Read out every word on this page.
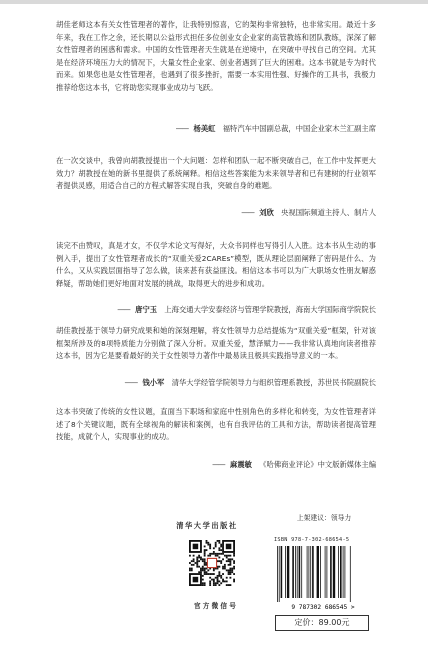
胡佳老师这本有关女性管理者的著作，让我特别惊喜，它的架构非常独特，也非常实用。最近十多年来，我在工作之余，还长期以公益形式担任多位创业女企业家的高管教练和团队教练，深深了解女性管理者的困惑和需求。中国的女性管理者天生就是在逆境中，在突破中寻找自己的空间。尤其是在经济环境压力大的情况下，大量女性企业家、创业者遇到了巨大的困难。这本书就是专为时代而来。如果您也是女性管理者，也遇到了很多挫折，需要一本实用性强、好操作的工具书，我极力推荐给您这本书，它将助您实现事业成功与飞跃。
—— 杨美虹 福特汽车中国副总裁，中国企业家木兰汇副主席
在一次交谈中，我曾向胡教授提出一个大问题：怎样和团队一起不断突破自己，在工作中发挥更大效力？胡教授在她的新书里提供了系统阐释。相信这些答案能为未来领导者和已有建树的行业领军者提供灵感，用适合自己的方程式解答实现自我，突破自身的难题。
—— 刘欣 央视国际频道主持人、制片人
读完不由赞叹，真是才女，不仅学术论文写得好，大众书同样也写得引人入胜。这本书从生动的事例入手，提出了女性管理者成长的“双重关爱2CAREs”模型，既从理论层面阐释了密码是什么、为什么，又从实践层面指导了怎么做，读来甚有获益匪浅。相信这本书可以为广大职场女性朋友解惑释疑，帮助她们更好地面对发展的挑战，取得更大的进步和成功。
—— 唐宁玉 上海交通大学安泰经济与管理学院教授，海南大学国际商学院院长
胡佳教授基于领导力研究成果和她的深刻理解，将女性领导力总结提炼为“双重关爱”框架，针对该框架所涉及的8项特质能力分别做了深入分析。双重关爱，慧泽赋力——我非常认真地向读者推荐这本书，因为它是要看最好的关于女性领导力著作中最易读且极具实践指导意义的一本。
—— 钱小军 清华大学经管学院领导力与组织管理系教授，苏世民书院副院长
这本书突破了传统的女性议题，直面当下职场和家庭中性别角色的多样化和转变，为女性管理者详述了8个关键议题，既有全球视角的解读和案例，也有自我评估的工具和方法，帮助读者提高管理技能，成就个人，实现事业的成功。
—— 麻震敏 《哈佛商业评论》中文版新媒体主编
清华大学出版社
官方微信号
上架建议：领导力
ISBN 978-7-302-68654-5
9 787302 686545 >
定价：89.00元
